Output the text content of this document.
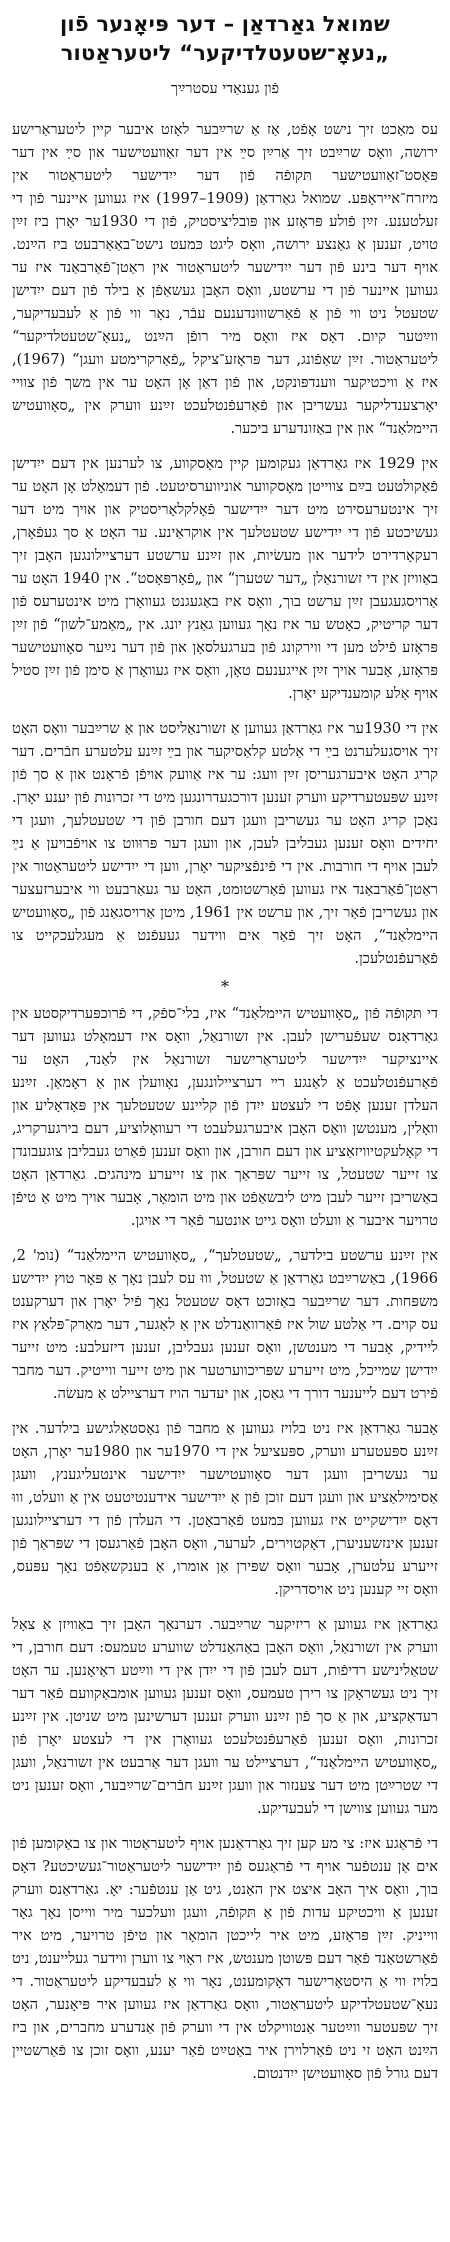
שמואל גאַרדאַן – דער פּיאָנער פֿון „נעאָ־שטעטלדיקער“ ליטעראַטור
פֿון גענאַדי עסטרײַך

עס מאַכט זיך נישט אָפֿט, אַז אַ שרײַבער לאָזט איבער קיין ליטעראַרישע ירושה, וואָס שרײַבט זיך אַרײַן סײַ אין דער זאַװעטישער און סײַ אין דער פּאָסט־זאַװעטישער תּקופֿה פֿון דער ייִדישער ליטעראַטור אין מיזרח־אייראָפּע. שמואל גאַרדאַן (1909–1997) איז געווען איינער פֿון די זעלטענע. זײַן פֿולע פּראָזע און פּובליציסטיק, פֿון די 1930ער יאָרן ביז זײַן טויט, זענען אַ גאַנצע ירושה, וואָס ליגט כּמעט נישט־באַאַרבעט ביז הײַנט. אויף דער בינע פֿון דער ייִדישער ליטעראַטור אין ראַטן־פֿאַרבאַנד איז ער געווען איינער פֿון די ערשטע, וואָס האָבן געשאַפֿן אַ בילד פֿון דעם ייִדישן שטעטל ניט ווי פֿון אַ פֿאַרשוווּנדענעם עבֿר, נאָר ווי פֿון אַ לעבעדיקער, ווײַטער קיום. דאָס איז וואָס מיר רופֿן הײַנט „נעאָ־שטעטלדיקער“ ליטעראַטור. זײַן שאַפֿונג, דער פּראָזע־ציקל „פֿאַרקרימטע וועגן“ (1967), איז אַ וויכטיקער ווענדפּונקט, און פֿון דאַן אָן האָט ער אין משך פֿון צוויי יאָרצענדליקער געשריבן און פֿאַרעפֿנטלעכט זײַנע ווערק אין „סאָוועטיש היימלאַנד“ און אין באַזונדערע ביכער.

אין 1929 איז גאַרדאַן געקומען קיין מאָסקווע, צו לערנען אין דעם ייִדישן פֿאַקולטעט בײַם צווייטן מאָסקווער אוניווערסיטעט. פֿון דעמאָלט אָן האָט ער זיך אינטערעסירט מיט דער ייִדישער פֿאָלקלאָריסטיק און אויך מיט דער געשיכטע פֿון די ייִדישע שטעטלעך אין אוקראַינע. ער האָט אַ סך געפֿאָרן, רעקאָרדירט לידער און מעשׂיות, און זײַנע ערשטע דערציילונגען האָבן זיך באַוויזן אין די זשורנאַלן „דער שטערן“ און „פֿאָרפּאָסט“. אין 1940 האָט ער אַרויסגעגעבן זײַן ערשט בוך, וואָס איז באַגעגנט געוואָרן מיט אינטערעס פֿון דער קריטיק, כאָטש ער איז נאָך געווען גאַנץ יונג. אין „מאַמע־לשון“ פֿון זײַן פּראָזע פֿילט מען די ווירקונג פֿון בערגעלסאָן און פֿון דער נײַער סאָוועטישער פּראָזע, אָבער אויך זײַן אייגענעם טאָן, וואָס איז געוואָרן אַ סימן פֿון זײַן סטיל אויף אַלע קומענדיקע יאָרן.

אין די 1930ער איז גאַרדאַן געווען אַ זשורנאַליסט און אַ שרײַבער וואָס האָט זיך אויסגעלערנט בײַ די אַלטע קלאַסיקער און בײַ זײַנע עלטערע חבֿרים. דער קריג האָט איבערגעריסן זײַן וועג: ער איז אַוועק אויפֿן פֿראָנט און אַ סך פֿון זײַנע שפּעטערדיקע ווערק זענען דורכגעדרונגען מיט די זכרונות פֿון יענע יאָרן. נאָכן קריג האָט ער געשריבן וועגן דעם חורבן פֿון די שטעטלעך, וועגן די יחידים וואָס זענען געבליבן לעבן, און וועגן דער פּרוּווט צו אויפֿבויען אַ נײַ לעבן אויף די חורבות. אין די פֿינפֿציקער יאָרן, ווען די ייִדישע ליטעראַטור אין ראַטן־פֿאַרבאַנד איז געווען פֿאַרשטומט, האָט ער געאַרבעט ווי איבערזעצער און געשריבן פֿאַר זיך, און ערשט אין 1961, מיטן אַרויסגאַנג פֿון „סאָוועטיש היימלאַנד“, האָט זיך פֿאַר אים ווידער געעפֿנט אַ מעגלעכקייט צו פֿאַרעפֿנטלעכן.

*

די תּקופֿה פֿון „סאָוועטיש היימלאַנד“ איז, בלי־ספֿק, די פֿרוכפּערדיקסטע אין גאַרדאַנס שעפֿערישן לעבן. אין זשורנאַל, וואָס איז דעמאָלט געווען דער איינציקער ייִדישער ליטעראַרישער זשורנאַל אין לאַנד, האָט ער פֿאַרעפֿנטלעכט אַ לאַנגע רײ דערציילונגען, נאָוועלן און אַ ראָמאַן. זײַנע העלדן זענען אָפֿט די לעצטע ייִדן פֿון קליינע שטעטלעך אין פּאָדאָליע און וואָלין, מענטשן וואָס האָבן איבערגעלעבט די רעוואָלוציע, דעם בירגערקריג, די קאָלעקטיוויזאַציע און דעם חורבן, און וואָס זענען פֿאַרט געבליבן צוגעבונדן צו זייער שטעטל, צו זייער שפּראַך און צו זייערע מינהגים. גאַרדאַן האָט באַשריבן זייער לעבן מיט ליבשאַפֿט און מיט הומאָר, אָבער אויך מיט אַ טיפֿן טרויער איבער אַ וועלט וואָס גייט אונטער פֿאַר די אויגן.

אין זײַנע ערשטע בילדער, „שטעטלעך“, „סאָוועטיש היימלאַנד“ (נומ' 2, 1966), באַשרײַבט גאַרדאַן אַ שטעטל, וווּ עס לעבן נאָך אַ פּאָר טוץ ייִדישע משפּחות. דער שרײַבער באַזוכט דאָס שטעטל נאָך פֿיל יאָרן און דערקענט עס קוים. די אַלטע שול איז פֿאַרוואַנדלט אין אַ לאַגער, דער מאַרק־פּלאַץ איז ליידיק, אָבער די מענטשן, וואָס זענען געבליבן, זענען דיזעלבע: מיט זייער ייִדישן שמייכל, מיט זייערע שפּריכווערטער און מיט זייער ווייטיק. דער מחבר פֿירט דעם לייענער דורך די גאַסן, און יעדער הויז דערציילט אַ מעשׂה.

אָבער גאַרדאַן איז ניט בלויז געווען אַ מחבר פֿון נאָסטאַלגישע בילדער. אין זײַנע ספּעטערע ווערק, ספּעציעל אין די 1970ער און 1980ער יאָרן, האָט ער געשריבן וועגן דער סאָוועטישער ייִדישער אינטעליגענץ, וועגן אַסימילאַציע און וועגן דעם זוכן פֿון אַ ייִדישער אידענטיטעט אין אַ וועלט, וווּ דאָס ייִדישקייט איז געווען כּמעט פֿאַרבאָטן. די העלדן פֿון די דערציילונגען זענען אינזשעניערן, דאָקטוירים, לערער, וואָס האָבן פֿאַרגעסן די שפּראַך פֿון זייערע עלטערן, אָבער וואָס שפּירן אַן אומרו, אַ בענקשאַפֿט נאָך עפּעס, וואָס זיי קענען ניט אויסדריקן.

גאַרדאַן איז געווען אַ ריזיקער שרײַבער. דערנאָך האָבן זיך באַוויזן אַ צאָל ווערק אין זשורנאַל, וואָס האָבן באַהאַנדלט שווערע טעמעס: דעם חורבן, די שטאַלינישע רדיפֿות, דעם לעבן פֿון די ייִדן אין די ווײַטע ראַיאָנען. ער האָט זיך ניט געשראָקן צו רירן טעמעס, וואָס זענען געווען אומבאַקוועם פֿאַר דער רעדאַקציע, און אַ סך פֿון זײַנע ווערק זענען דערשינען מיט שניטן. אין זײַנע זכרונות, וואָס זענען פֿאַרעפֿנטלעכט געוואָרן אין די לעצטע יאָרן פֿון „סאָוועטיש היימלאַנד“, דערציילט ער וועגן דער אַרבעט אין זשורנאַל, וועגן די שטרײַטן מיט דער צענזור און וועגן זײַנע חבֿרים־שרײַבער, וואָס זענען ניט מער געווען צווישן די לעבעדיקע.

די פֿראַגע איז: צי מע קען זיך גאַרדאַנען אויף ליטעראַטור און צו באַקומען פֿון אים אַן ענטפֿער אויף די פֿראַגעס פֿון ייִדישער ליטעראַטור־געשיכטע? דאָס בוך, וואָס איך האָב איצט אין האַנט, גיט אַן ענטפֿער: יאָ. גאַרדאַנס ווערק זענען אַ וויכטיקע עדות פֿון אַ תּקופֿה, וועגן וועלכער מיר ווייסן נאָך גאָר ווייניק. זײַן פּראָזע, מיט איר לייכטן הומאָר און טיפֿן טרויער, מיט איר פֿאַרשטאַנד פֿאַר דעם פּשוטן מענטש, איז ראָוי צו ווערן ווידער געלייענט, ניט בלויז ווי אַ היסטאָרישער דאָקומענט, נאָר ווי אַ לעבעדיקע ליטעראַטור. די נעאָ־שטעטלדיקע ליטעראַטור, וואָס גאַרדאַן איז געווען איר פּיאָנער, האָט זיך שפּעטער ווײַטער אַנטוויקלט אין די ווערק פֿון אַנדערע מחברים, און ביז הײַנט האָט זי ניט פֿאַרלוירן איר באַטײַט פֿאַר יענע, וואָס זוכן צו פֿאַרשטיין דעם גורל פֿון סאָוועטישן ייִדנטום.
